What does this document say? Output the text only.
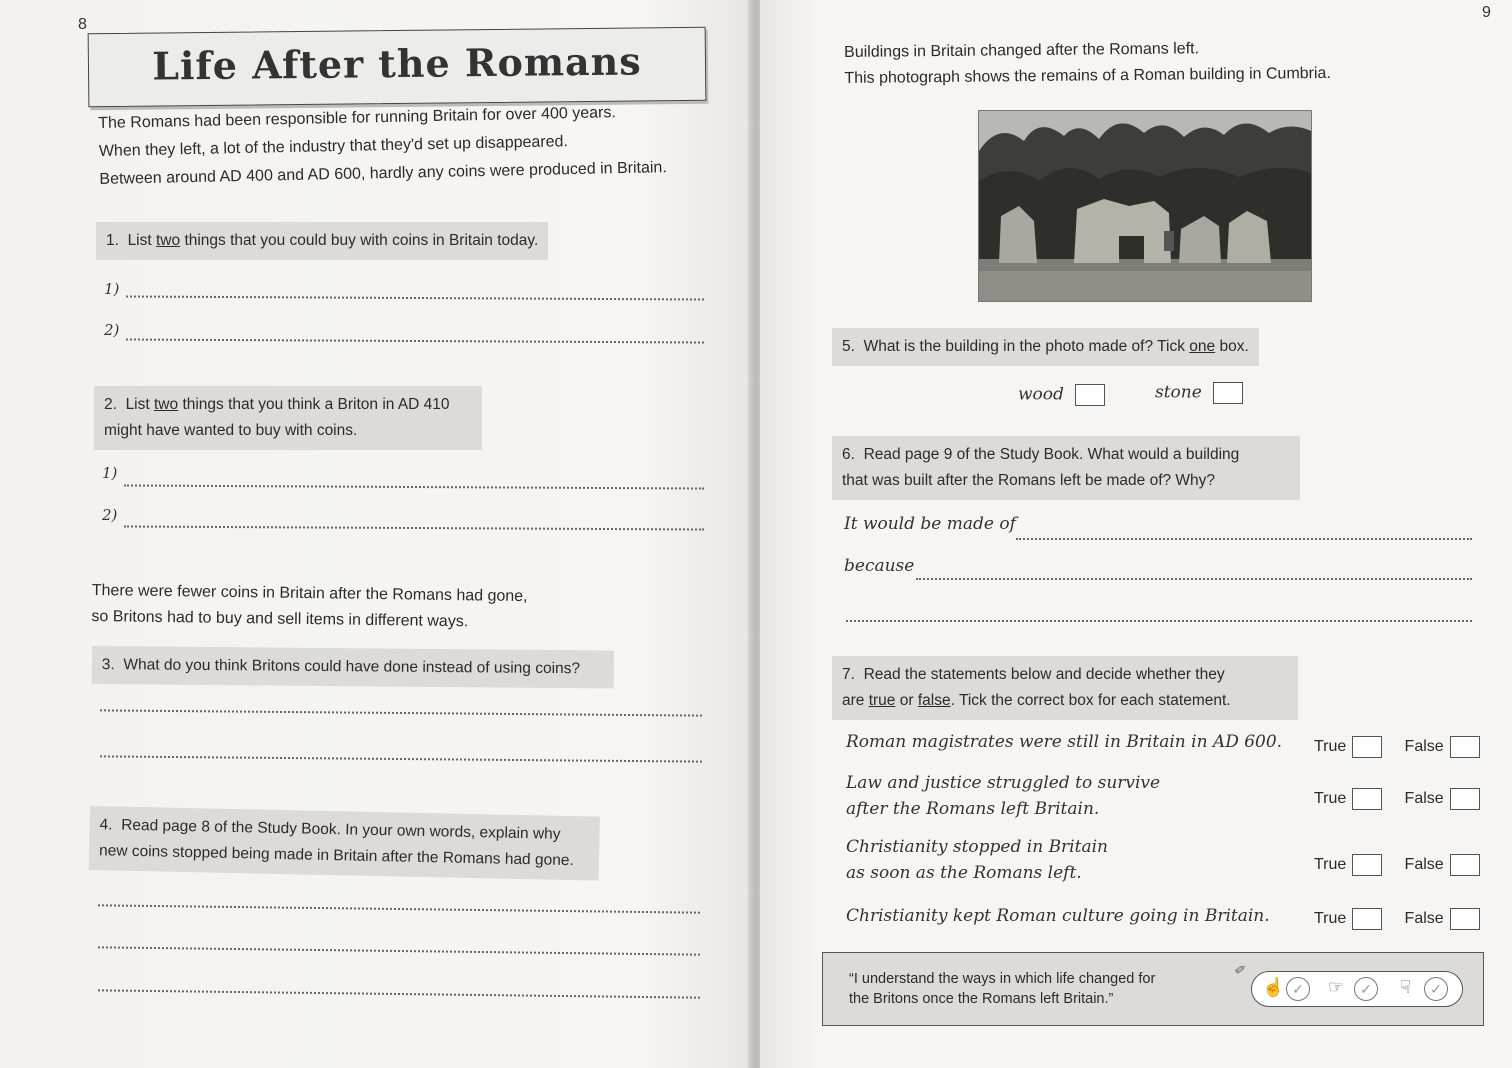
8
Life After the Romans
The Romans had been responsible for running Britain for over 400 years.
When they left, a lot of the industry that they'd set up disappeared.
Between around AD 400 and AD 600, hardly any coins were produced in Britain.
1. List two things that you could buy with coins in Britain today.
1)
2)
2. List two things that you think a Briton in AD 410
might have wanted to buy with coins.
1)
2)
There were fewer coins in Britain after the Romans had gone,
so Britons had to buy and sell items in different ways.
3. What do you think Britons could have done instead of using coins?
4. Read page 8 of the Study Book. In your own words, explain why
new coins stopped being made in Britain after the Romans had gone.
9
Buildings in Britain changed after the Romans left.
This photograph shows the remains of a Roman building in Cumbria.
5. What is the building in the photo made of? Tick one box.
wood	stone
6. Read page 9 of the Study Book. What would a building
that was built after the Romans left be made of? Why?
It would be made of
because
7. Read the statements below and decide whether they
are true or false. Tick the correct box for each statement.
Roman magistrates were still in Britain in AD 600. True	False
Law and justice struggled to survive
after the Romans left Britain.
True	False
Christianity stopped in Britain
as soon as the Romans left.	True	False
Christianity kept Roman culture going in Britain.	True	False
“I understand the ways in which life changed for
the Britons once the Romans left Britain.”
☝ ✓	☞	✓	☟	✓
✏
